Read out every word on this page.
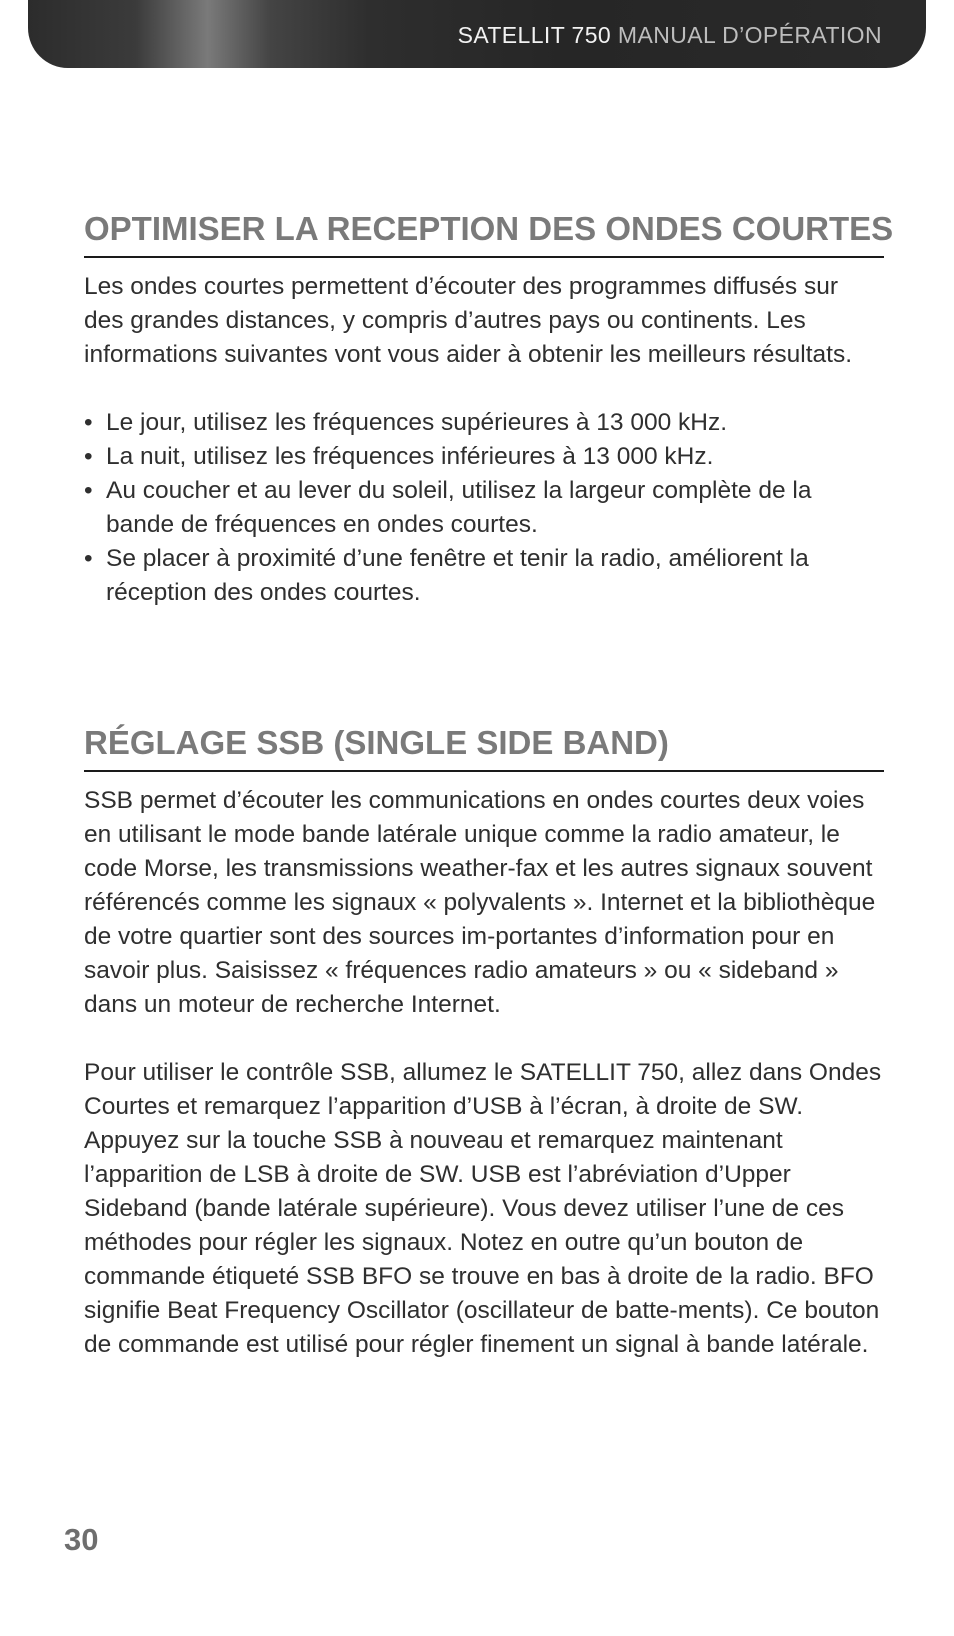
SATELLIT 750 MANUAL D’OPÉRATION
OPTIMISER LA RECEPTION DES ONDES COURTES

Les ondes courtes permettent d’écouter des programmes diffusés sur des grandes distances, y compris d’autres pays ou continents. Les informations suivantes vont vous aider à obtenir les meilleurs résultats.

• Le jour, utilisez les fréquences supérieures à 13 000 kHz.
• La nuit, utilisez les fréquences inférieures à 13 000 kHz.
• Au coucher et au lever du soleil, utilisez la largeur complète de la bande de fréquences en ondes courtes.
• Se placer à proximité d’une fenêtre et tenir la radio, améliorent la réception des ondes courtes.
RÉGLAGE SSB (SINGLE SIDE BAND)

SSB permet d’écouter les communications en ondes courtes deux voies en utilisant le mode bande latérale unique comme la radio amateur, le code Morse, les transmissions weather-fax et les autres signaux souvent référencés comme les signaux « polyvalents ». Internet et la bibliothèque de votre quartier sont des sources im-portantes d’information pour en savoir plus. Saisissez « fréquences radio amateurs » ou « sideband » dans un moteur de recherche Internet.

Pour utiliser le contrôle SSB, allumez le SATELLIT 750, allez dans Ondes Courtes et remarquez l’apparition d’USB à l’écran, à droite de SW. Appuyez sur la touche SSB à nouveau et remarquez maintenant l’apparition de LSB à droite de SW. USB est l’abréviation d’Upper Sideband (bande latérale supérieure). Vous devez utiliser l’une de ces méthodes pour régler les signaux. Notez en outre qu’un bouton de commande étiqueté SSB BFO se trouve en bas à droite de la radio. BFO signifie Beat Frequency Oscillator (oscillateur de batte-ments). Ce bouton de commande est utilisé pour régler finement un signal à bande latérale.

30
